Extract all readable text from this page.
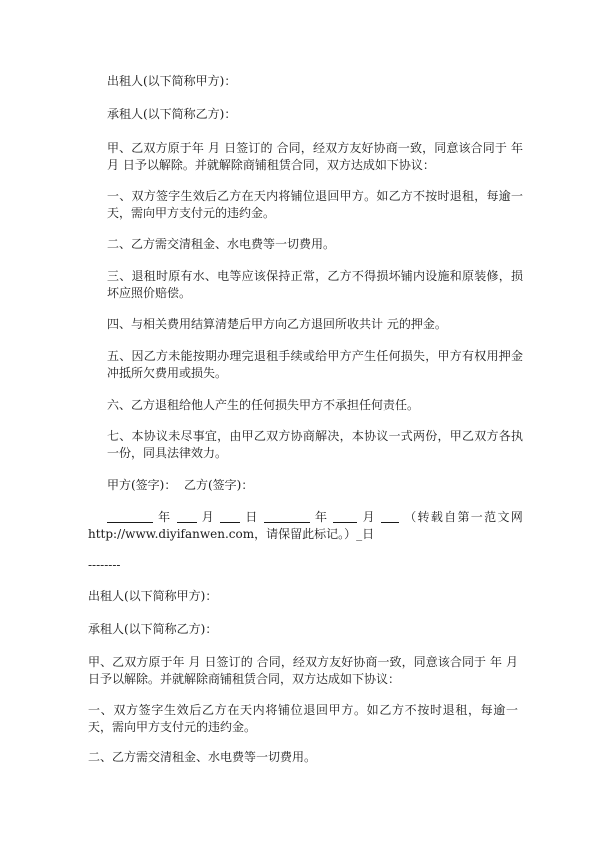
出租人(以下简称甲方)：

承租人(以下简称乙方)：

甲、乙双方原于年 月 日签订的 合同，经双方友好协商一致，同意该合同于 年 月 日予以解除。并就解除商铺租赁合同，双方达成如下协议：

一、双方签字生效后乙方在天内将铺位退回甲方。如乙方不按时退租，每逾一天，需向甲方支付元的违约金。

二、乙方需交清租金、水电费等一切费用。

三、退租时原有水、电等应该保持正常，乙方不得损坏铺内设施和原装修，损坏应照价赔偿。

四、与相关费用结算清楚后甲方向乙方退回所收共计 元的押金。

五、因乙方未能按期办理完退租手续或给甲方产生任何损失，甲方有权用押金冲抵所欠费用或损失。

六、乙方退租给他人产生的任何损失甲方不承担任何责任。

七、本协议未尽事宜，由甲乙双方协商解决，本协议一式两份，甲乙双方各执一份，同具法律效力。

甲方(签字)：  乙方(签字)：

年	月	日	年	月 （转载自第一范文网

http://www.diyifanwen.com，请保留此标记。）_日

--------

出租人(以下简称甲方)：

承租人(以下简称乙方)：

甲、乙双方原于年 月 日签订的 合同，经双方友好协商一致，同意该合同于 年 月 日予以解除。并就解除商铺租赁合同，双方达成如下协议：

一、双方签字生效后乙方在天内将铺位退回甲方。如乙方不按时退租，每逾一天，需向甲方支付元的违约金。

二、乙方需交清租金、水电费等一切费用。
